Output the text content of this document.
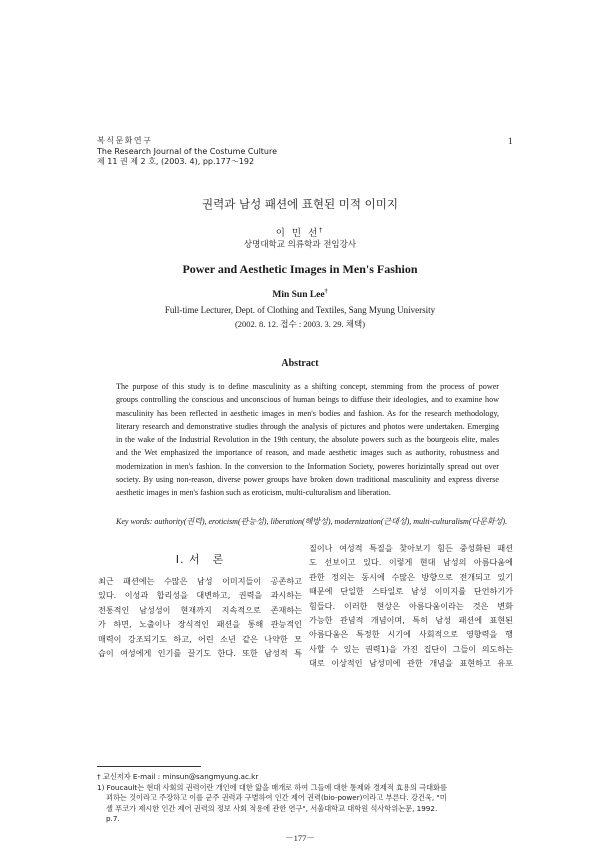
복식문화연구
The Research Journal of the Costume Culture
제 11 권 제 2 호, (2003. 4), pp.177～192
1
권력과 남성 패션에 표현된 미적 이미지
이 민 선†
상명대학교 의류학과 전임강사
Power and Aesthetic Images in Men's Fashion
Min Sun Lee†
Full-time Lecturer, Dept. of Clothing and Textiles, Sang Myung University
(2002. 8. 12. 접수 : 2003. 3. 29. 채택)
Abstract
The purpose of this study is to define masculinity as a shifting concept, stemming from the process of power
groups controlling the conscious and unconscious of human beings to diffuse their ideologies, and to examine how
masculinity has been reflected in aesthetic images in men's bodies and fashion. As for the research methodology,
literary research and demonstrative studies through the analysis of pictures and photos were undertaken. Emerging
in the wake of the Industrial Revolution in the 19th century, the absolute powers such as the bourgeois elite, males
and the Wet emphasized the importance of reason, and made aesthetic images such as authority, robustness and
modernization in men's fashion. In the conversion to the Information Society, poweres horizintally spread out over
society. By using non-reason, diverse power groups have broken down traditional masculinity and express diverse
aesthetic images in men's fashion such as eroticism, multi-culturalism and liberation.
Key words: authority(권력), eroticism(관능성), liberation(해방성), modernization(근대성), multi-culturalism(다문화성).
Ⅰ. 서　론
최근 패션에는 수많은 남성 이미지들이 공존하고
있다. 이성과 합리성을 대변하고, 권력을 과시하는
전통적인 남성성이 현재까지 지속적으로 존재하는
가 하면, 노출이나 장식적인 패션을 통해 관능적인
매력이 강조되기도 하고, 어린 소년 같은 나약한 모
습이 여성에게 인기를 끌기도 한다. 또한 남성적 특
질이나 여성적 특질을 찾아보기 힘든 중성화된 패션
도 선보이고 있다. 이렇게 현대 남성의 아름다움에
관한 정의는 동시에 수많은 방향으로 전개되고 있기
때문에 단일한 스타일로 남성 이미지를 단언하기가
힘들다. 이러한 현상은 아름다움이라는 것은 변화
가능한 관념적 개념이며, 특히 남성 패션에 표현된
아름다움은 특정한 시기에 사회적으로 영향력을 행
사할 수 있는 권력1)을 가진 집단이 그들이 의도하는
대로 이상적인 남성미에 관한 개념을 표현하고 유포
† 교신저자 E-mail : minsun@sangmyung.ac.kr
1) Foucault는 현대 사회의 권력이란 개인에 대한 앎을 매개로 하여 그들에 대한 통제와 경제적 효용의 극대화를
꾀하는 것이라고 주장하고 이를 군주 권력과 구별하여 인간 제어 권력(bio-power)이라고 부른다. 강건욱, "미
셸 푸코가 제시한 인간 제어 권력의 정보 사회 적용에 관한 연구", 서울대학교 대학원 석사학위논문, 1992.
p.7.
－177－
